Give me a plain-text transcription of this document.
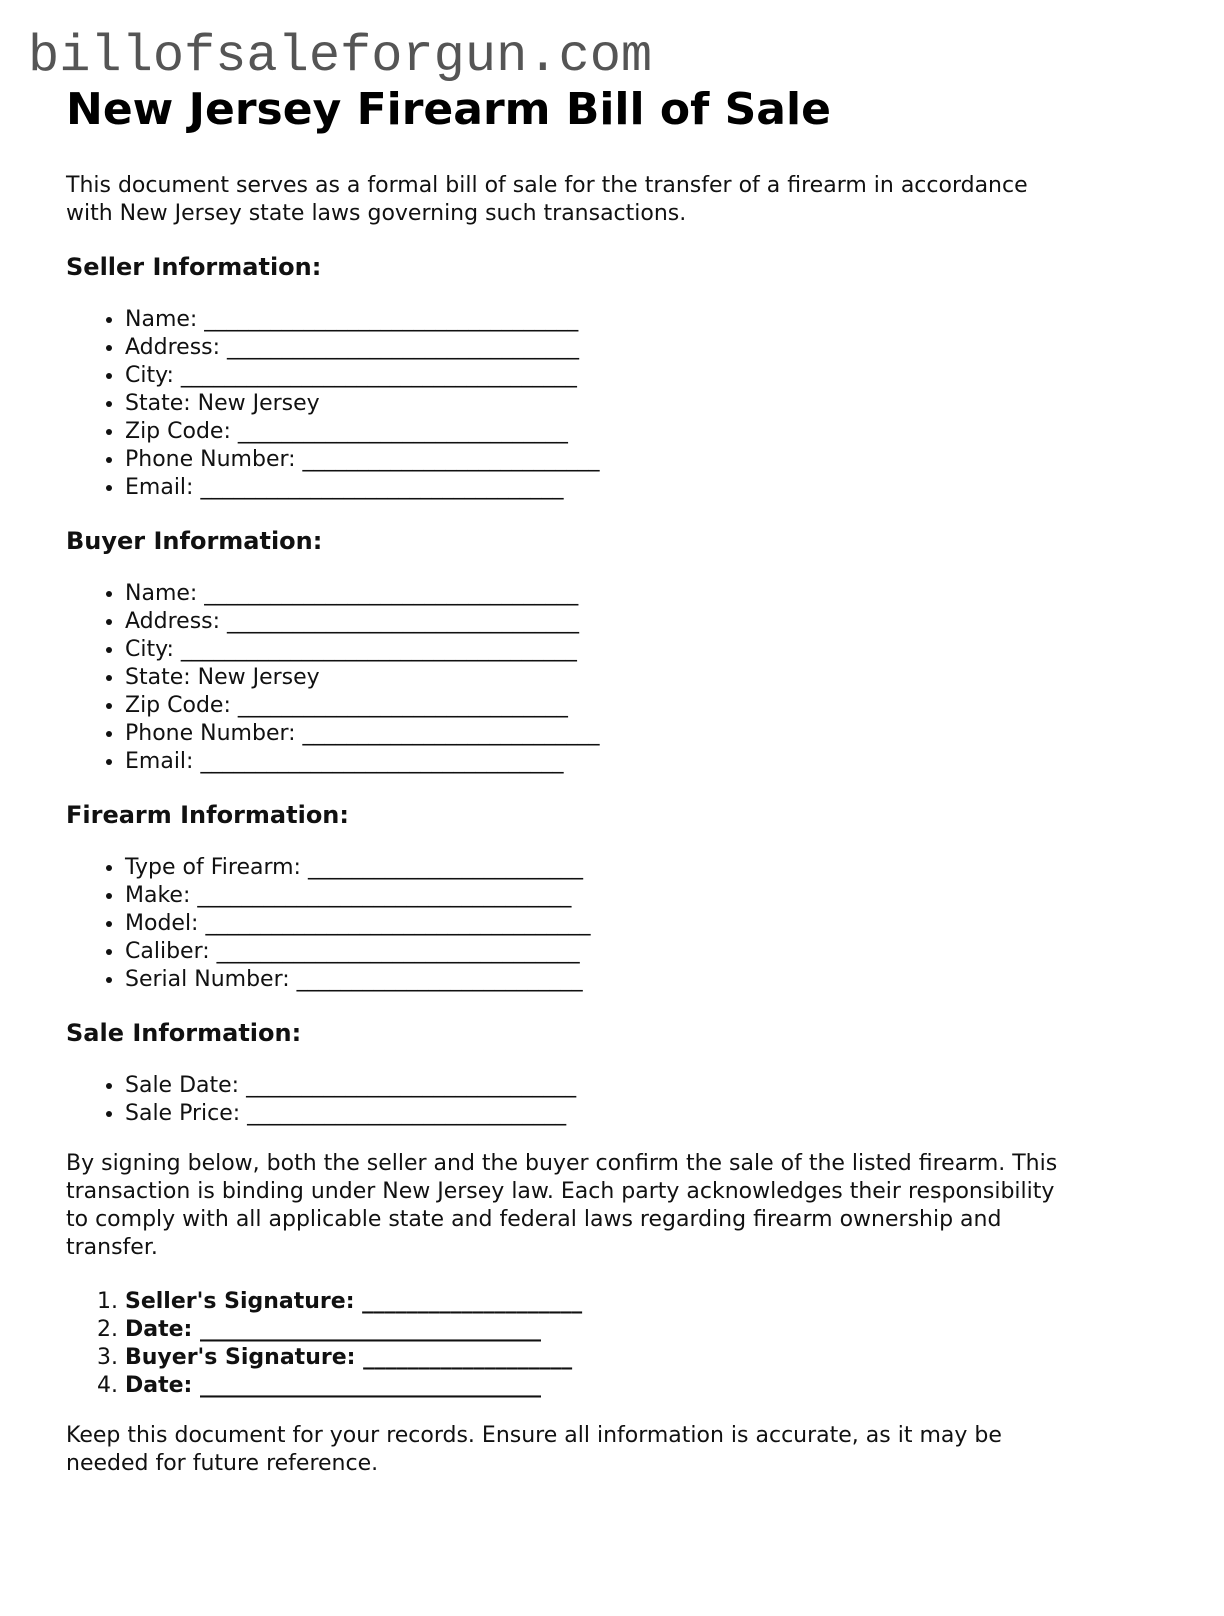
billofsaleforgun.com
New Jersey Firearm Bill of Sale

This document serves as a formal bill of sale for the transfer of a firearm in accordance
with New Jersey state laws governing such transactions.

Seller Information:
• Name: __________________________________
• Address: ________________________________
• City: ____________________________________
• State: New Jersey
• Zip Code: ______________________________
• Phone Number: ___________________________
• Email: _________________________________
Buyer Information:
• Name: __________________________________
• Address: ________________________________
• City: ____________________________________
• State: New Jersey
• Zip Code: ______________________________
• Phone Number: ___________________________
• Email: _________________________________
Firearm Information:
• Type of Firearm: _________________________
• Make: __________________________________
• Model: ___________________________________
• Caliber: _________________________________
• Serial Number: __________________________
Sale Information:
• Sale Date: ______________________________
• Sale Price: _____________________________

By signing below, both the seller and the buyer confirm the sale of the listed firearm. This
transaction is binding under New Jersey law. Each party acknowledges their responsibility
to comply with all applicable state and federal laws regarding firearm ownership and
transfer.

1. Seller's Signature: ____________________
2. Date: _______________________________
3. Buyer's Signature: ___________________
4. Date: _______________________________

Keep this document for your records. Ensure all information is accurate, as it may be
needed for future reference.
